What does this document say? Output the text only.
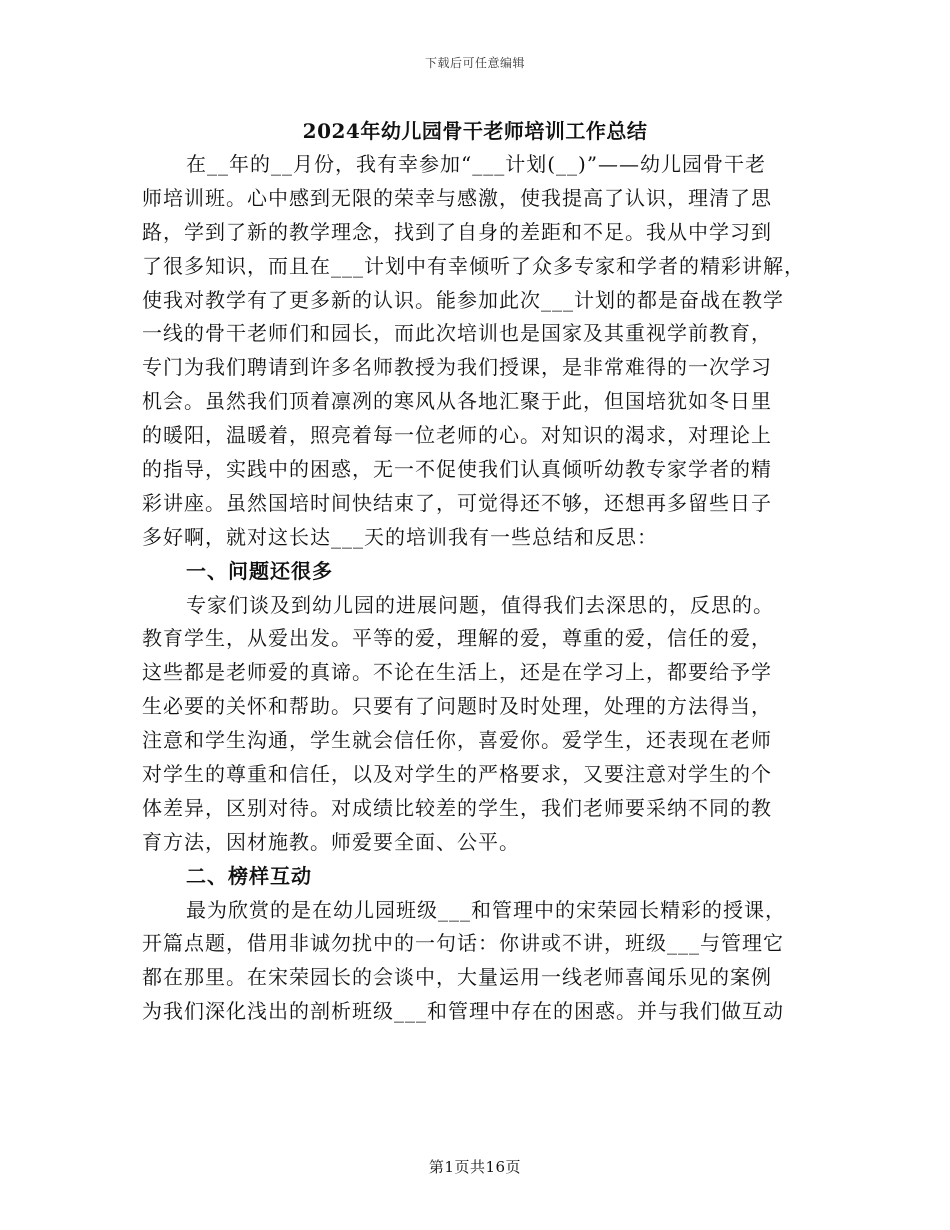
下载后可任意编辑
2024年幼儿园骨干老师培训工作总结
在__年的__月份，我有幸参加“___计划(__)”——幼儿园骨干老
师培训班。心中感到无限的荣幸与感激，使我提高了认识，理清了思
路，学到了新的教学理念，找到了自身的差距和不足。我从中学习到
了很多知识，而且在___计划中有幸倾听了众多专家和学者的精彩讲解，
使我对教学有了更多新的认识。能参加此次___计划的都是奋战在教学
一线的骨干老师们和园长，而此次培训也是国家及其重视学前教育，
专门为我们聘请到许多名师教授为我们授课，是非常难得的一次学习
机会。虽然我们顶着凛冽的寒风从各地汇聚于此，但国培犹如冬日里
的暖阳，温暖着，照亮着每一位老师的心。对知识的渴求，对理论上
的指导，实践中的困惑，无一不促使我们认真倾听幼教专家学者的精
彩讲座。虽然国培时间快结束了，可觉得还不够，还想再多留些日子
多好啊，就对这长达___天的培训我有一些总结和反思：
一、问题还很多
专家们谈及到幼儿园的进展问题，值得我们去深思的，反思的。
教育学生，从爱出发。平等的爱，理解的爱，尊重的爱，信任的爱，
这些都是老师爱的真谛。不论在生活上，还是在学习上，都要给予学
生必要的关怀和帮助。只要有了问题时及时处理，处理的方法得当，
注意和学生沟通，学生就会信任你，喜爱你。爱学生，还表现在老师
对学生的尊重和信任，以及对学生的严格要求，又要注意对学生的个
体差异，区别对待。对成绩比较差的学生，我们老师要采纳不同的教
育方法，因材施教。师爱要全面、公平。
二、榜样互动
最为欣赏的是在幼儿园班级___和管理中的宋荣园长精彩的授课，
开篇点题，借用非诚勿扰中的一句话：你讲或不讲，班级___与管理它
都在那里。在宋荣园长的会谈中，大量运用一线老师喜闻乐见的案例
为我们深化浅出的剖析班级___和管理中存在的困惑。并与我们做互动
第1页共16页
